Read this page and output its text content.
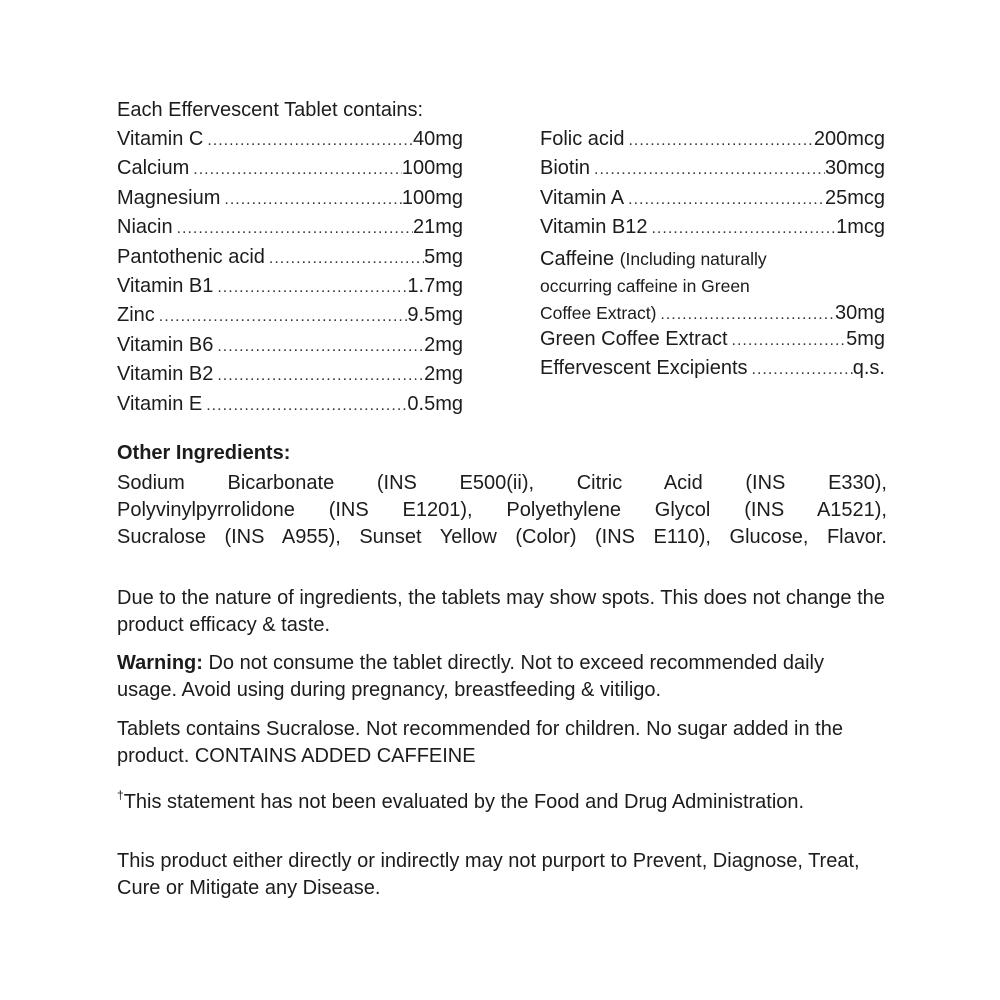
Each Effervescent Tablet contains:
Vitamin C .....	40mg
Calcium .....	100mg
Magnesium .....	100mg
Niacin .....	21mg
Pantothenic acid .....	5mg
Vitamin B1 .....	1.7mg
Zinc .....	9.5mg
Vitamin B6 .....	2mg
Vitamin B2 .....	2mg
Vitamin E .....	0.5mg
Folic acid .....	200mcg
Biotin .....	30mcg
Vitamin A .....	25mcg
Vitamin B12 .....	1mcg
Caffeine (Including naturally
occurring caffeine in Green
Coffee Extract) .....	30mg
Green Coffee Extract .....	5mg
Effervescent Excipients .....	q.s.
Other Ingredients:
Sodium Bicarbonate (INS E500(ii), Citric Acid (INS E330),
Polyvinylpyrrolidone (INS E1201), Polyethylene Glycol (INS A1521),
Sucralose (INS A955), Sunset Yellow (Color) (INS E110), Glucose, Flavor.
Due to the nature of ingredients, the tablets may show spots. This does not change the product efficacy & taste.
Warning: Do not consume the tablet directly. Not to exceed recommended daily usage. Avoid using during pregnancy, breastfeeding & vitiligo.
Tablets contains Sucralose. Not recommended for children. No sugar added in the product. CONTAINS ADDED CAFFEINE
†This statement has not been evaluated by the Food and Drug Administration.
This product either directly or indirectly may not purport to Prevent, Diagnose, Treat, Cure or Mitigate any Disease.
